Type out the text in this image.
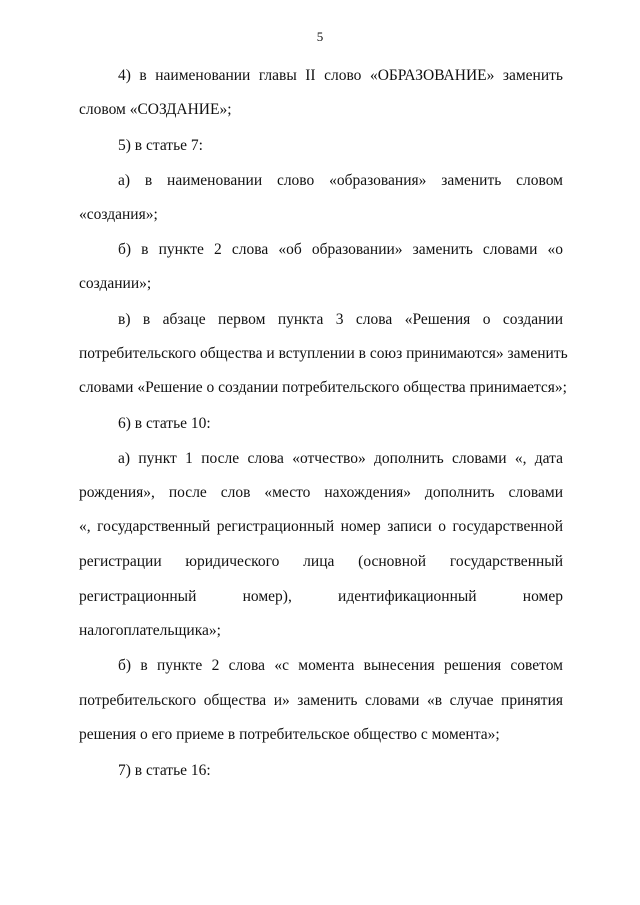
5
4) в наименовании главы II слово «ОБРАЗОВАНИЕ» заменить
словом «СОЗДАНИЕ»;
5) в статье 7:
а) в наименовании слово «образования» заменить словом
«создания»;
б) в пункте 2 слова «об образовании» заменить словами «о
создании»;
в) в абзаце первом пункта 3 слова «Решения о создании
потребительского общества и вступлении в союз принимаются» заменить
словами «Решение о создании потребительского общества принимается»;
6) в статье 10:
а) пункт 1 после слова «отчество» дополнить словами «, дата
рождения», после слов «место нахождения» дополнить словами
«, государственный регистрационный номер записи о государственной
регистрации юридического лица (основной государственный
регистрационный номер), идентификационный номер
налогоплательщика»;
б) в пункте 2 слова «с момента вынесения решения советом
потребительского общества и» заменить словами «в случае принятия
решения о его приеме в потребительское общество с момента»;
7) в статье 16:
